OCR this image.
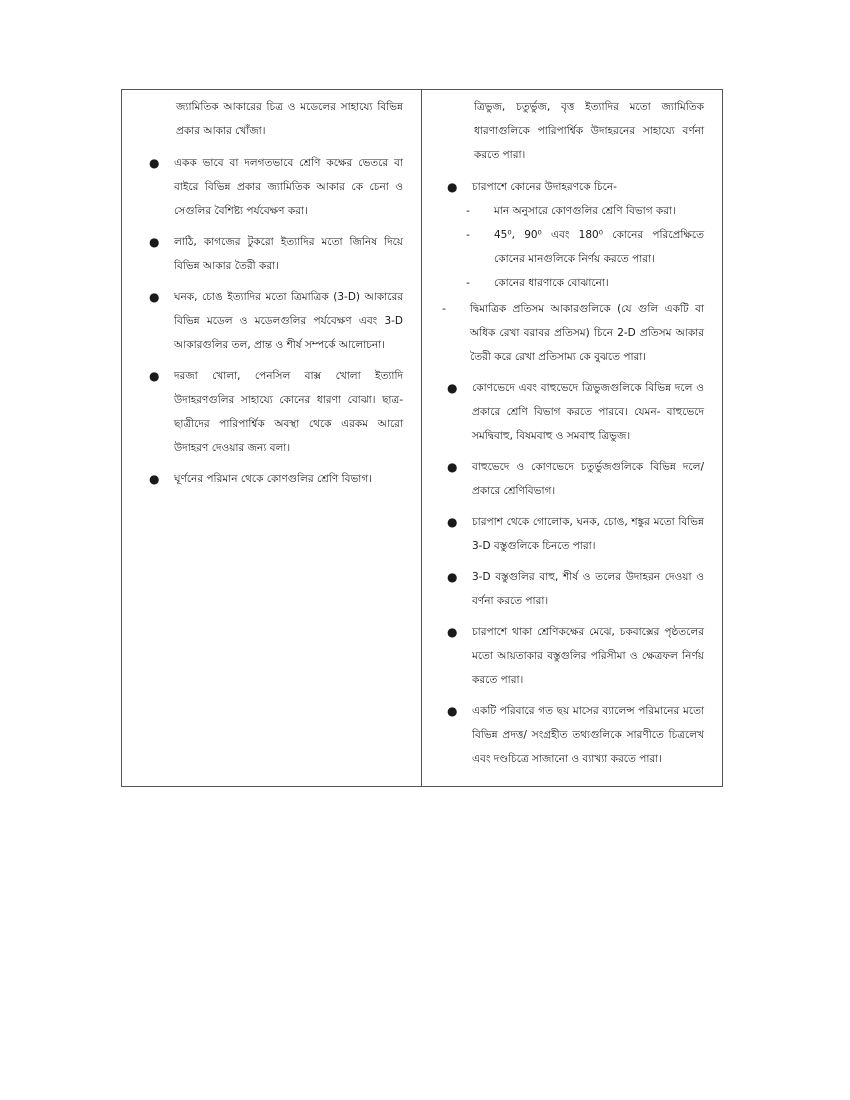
জ্যামিতিক আকারের চিত্র ও মডেলের সাহায্যে বিভিন্ন প্রকার আকার খোঁজা।

●	একক ভাবে বা দলগতভাবে শ্রেণি কক্ষের ভেতরে বা বাইরে বিভিন্ন প্রকার জ্যামিতিক আকার কে চেনা ও সেগুলির বৈশিষ্ট্য পর্যবেক্ষণ করা।
●	লাঠি, কাগজের টুকরো ইত্যাদির মতো জিনিষ দিয়ে বিভিন্ন আকার তৈরী করা।
●	ঘনক, চোঙ ইত্যাদির মতো ত্রিমাত্রিক (3-D) আকারের বিভিন্ন মডেল ও মডেলগুলির পর্যবেক্ষণ এবং 3-D আকারগুলির তল, প্রান্ত ও শীর্ষ সম্পর্কে আলোচনা।
●	দরজা খোলা, পেনসিল বাক্স খোলা ইত্যাদি উদাহরণগুলির সাহায্যে কোনের ধারণা বোঝা। ছাত্র-ছাত্রীদের পারিপার্শ্বিক অবস্থা থেকে এরকম আরো উদাহরণ দেওয়ার জন্য বলা।
●	ঘূর্ণনের পরিমান থেকে কোণগুলির শ্রেণি বিভাগ।

ত্রিভুজ, চতুর্ভুজ, বৃত্ত ইত্যাদির মতো জ্যামিতিক ধারণাগুলিকে পারিপার্শ্বিক উদাহরনের সাহায্যে বর্ণনা করতে পারা।

●	চারপাশে কোনের উদাহরণকে চিনে-
-	মান অনুসারে কোণগুলির শ্রেণি বিভাগ করা।
-	45⁰, 90⁰ এবং 180⁰ কোনের পরিপ্রেক্ষিতে কোনের মানগুলিকে নির্ণয় করতে পারা।
-	কোনের ধারণাকে বোঝানো।
-	দ্বিমাত্রিক প্রতিসম আকারগুলিকে (যে গুলি একটি বা অধিক রেখা বরাবর প্রতিসম) চিনে 2-D প্রতিসম আকার তৈরী করে রেখা প্রতিসাম্য কে বুঝতে পারা।
●	কোণভেদে এবং বাহুভেদে ত্রিভুজগুলিকে বিভিন্ন দলে ও প্রকারে শ্রেণি বিভাগ করতে পারবে। যেমন- বাহুভেদে সমদ্বিবাহু, বিষমবাহু ও সমবাহু ত্রিভুজ।
●	বাহুভেদে ও কোণভেদে চতুর্ভুজগুলিকে বিভিন্ন দলে/ প্রকারে শ্রেণিবিভাগ।
●	চারপাশ থেকে গোলোক, ঘনক, চোঙ, শঙ্কুর মতো বিভিন্ন 3-D বস্তুগুলিকে চিনতে পারা।
●	3-D বস্তুগুলির বাহু, শীর্ষ ও তলের উদাহরন দেওয়া ও বর্ণনা করতে পারা।
●	চারপাশে থাকা শ্রেণিকক্ষের মেঝে, চকবাক্সের পৃষ্ঠতলের মতো আয়তাকার বস্তুগুলির পরিসীমা ও ক্ষেত্রফল নির্ণয় করতে পারা।
●	একটি পরিবারে গত ছয় মাসের ব্যালেন্স পরিমানের মতো বিভিন্ন প্রদত্ত/ সংগ্রহীত তথ্যগুলিকে সারণীতে চিত্রলেখ এবং দণ্ডচিত্রে সাজানো ও ব্যাখ্যা করতে পারা।
